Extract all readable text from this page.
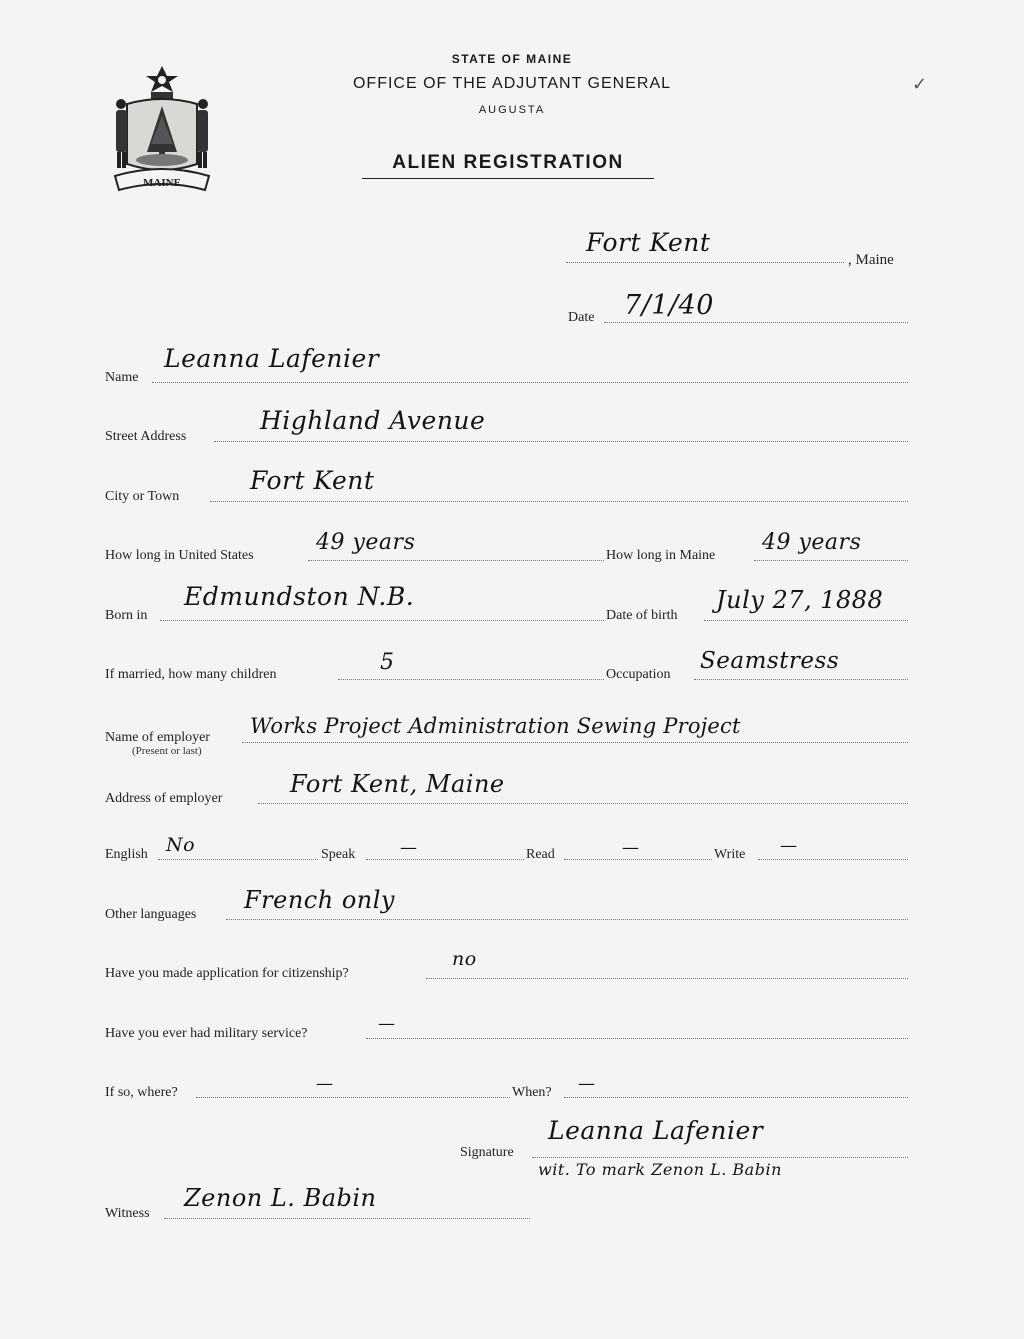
MAINE
STATE OF MAINE
OFFICE OF THE ADJUTANT GENERAL
AUGUSTA
ALIEN REGISTRATION
✓
Fort Kent
, Maine
Date 7/1/40
Name
Leanna Lafenier
Street Address
Highland Avenue
City or Town
Fort Kent
How long in United States
49 years
How long in Maine
49 years
Born in
Edmundston N.B.
Date of birth
July 27, 1888
If married, how many children	5	Occupation
Seamstress
Name of employer
(Present or last)
Works Project Administration Sewing Project
Address of employer
Fort Kent, Maine
English No	Speak	—	Read	—	Write —
Other languages
French only
Have you made application for citizenship?
no
Have you ever had military service?	—
If so, where?	—	When? —
Signature
Leanna Lafenier
wit. To mark Zenon L. Babin
Witness
Zenon L. Babin
